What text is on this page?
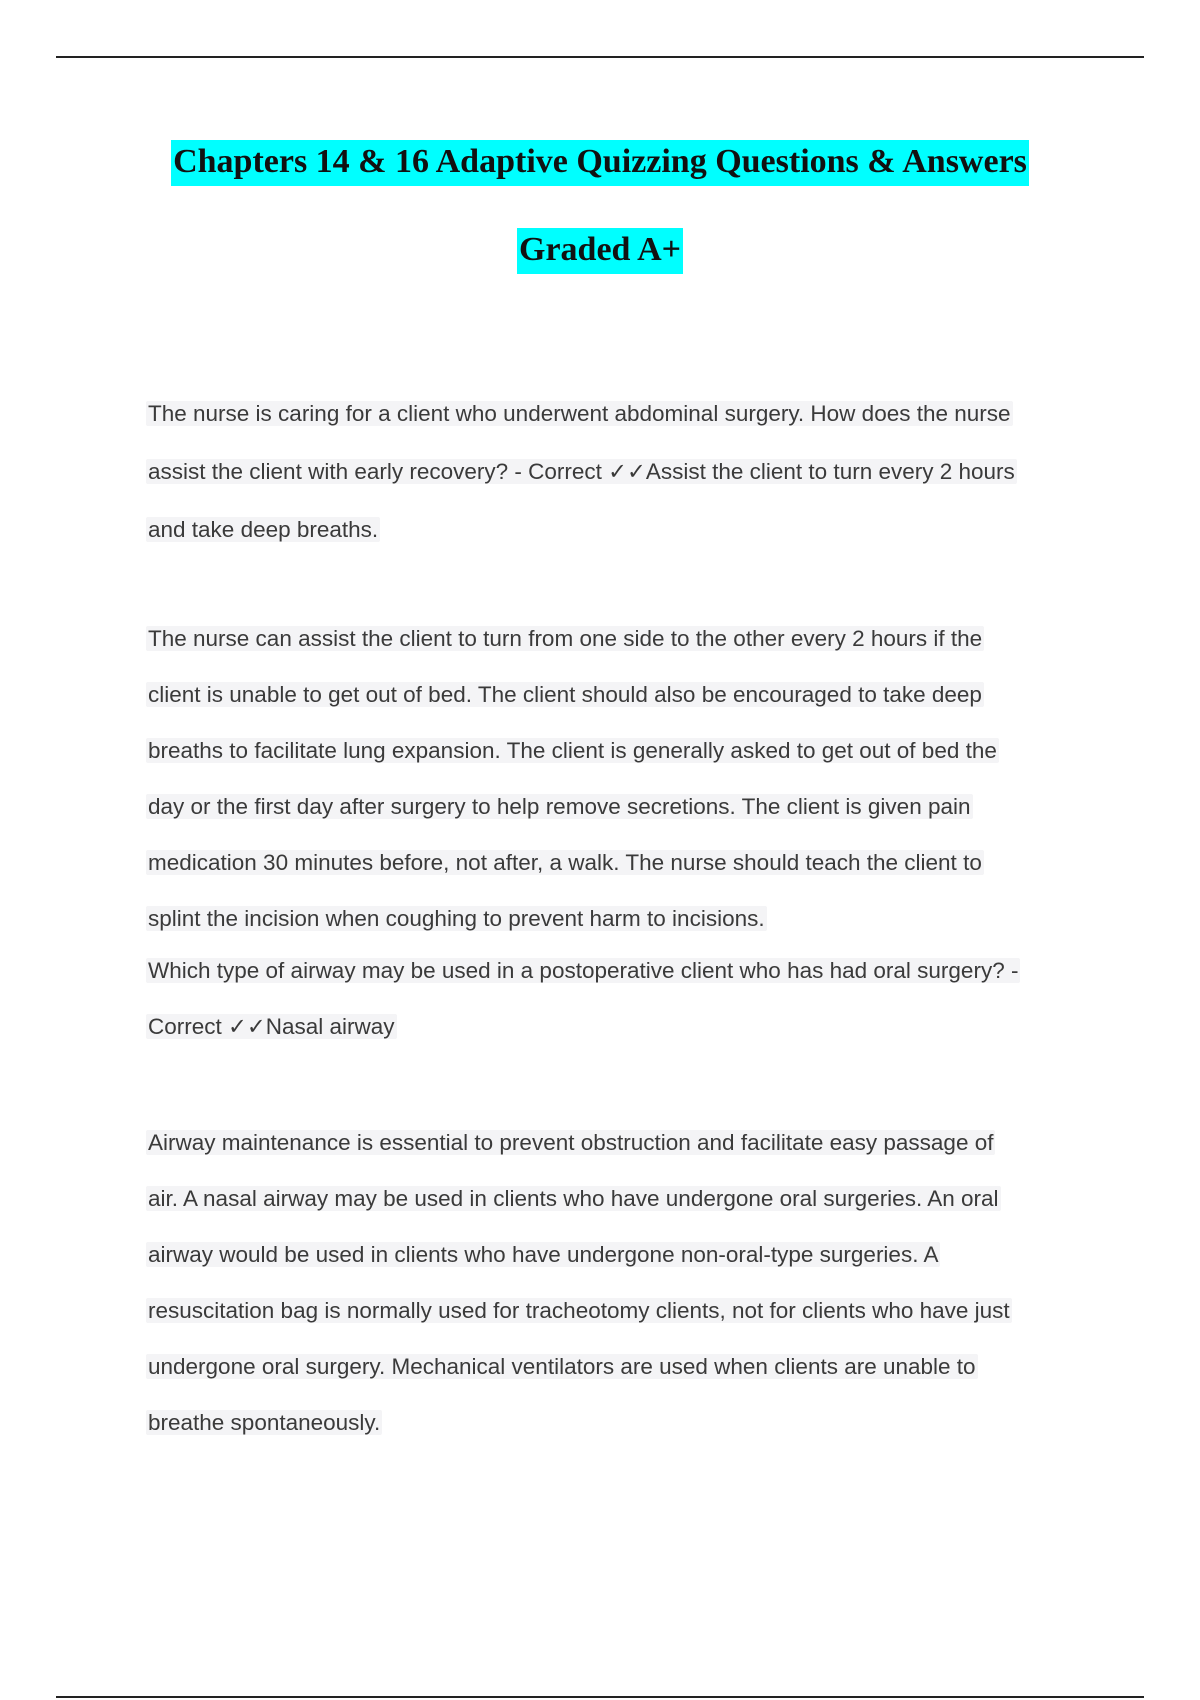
Chapters 14 & 16 Adaptive Quizzing Questions & Answers
Graded A+
The nurse is caring for a client who underwent abdominal surgery. How does the nurse
assist the client with early recovery? - Correct ✓✓Assist the client to turn every 2 hours
and take deep breaths.
The nurse can assist the client to turn from one side to the other every 2 hours if the
client is unable to get out of bed. The client should also be encouraged to take deep
breaths to facilitate lung expansion. The client is generally asked to get out of bed the
day or the first day after surgery to help remove secretions. The client is given pain
medication 30 minutes before, not after, a walk. The nurse should teach the client to
splint the incision when coughing to prevent harm to incisions.
Which type of airway may be used in a postoperative client who has had oral surgery? -
Correct ✓✓Nasal airway
Airway maintenance is essential to prevent obstruction and facilitate easy passage of
air. A nasal airway may be used in clients who have undergone oral surgeries. An oral
airway would be used in clients who have undergone non-oral-type surgeries. A
resuscitation bag is normally used for tracheotomy clients, not for clients who have just
undergone oral surgery. Mechanical ventilators are used when clients are unable to
breathe spontaneously.
